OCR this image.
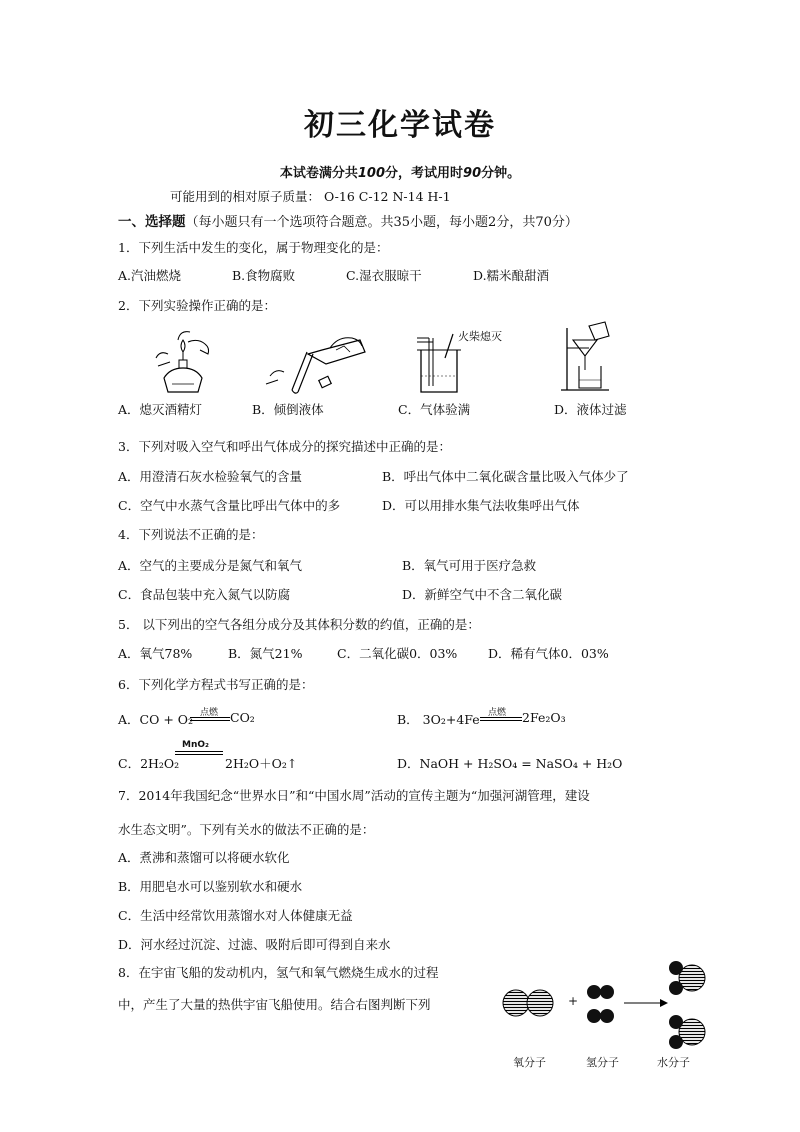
初三化学试卷
本试卷满分共100分，考试用时90分钟。
可能用到的相对原子质量： O-16 C-12 N-14 H-1
一、选择题（每小题只有一个选项符合题意。共35小题，每小题2分，共70分）
1．下列生活中发生的变化，属于物理变化的是：
A.汽油燃烧	B.食物腐败	C.湿衣服晾干	D.糯米酿甜酒
2．下列实验操作正确的是：
火柴熄灭
A．熄灭酒精灯	B．倾倒液体	C．气体验满	D．液体过滤
3．下列对吸入空气和呼出气体成分的探究描述中正确的是：
A．用澄清石灰水检验氧气的含量	B．呼出气体中二氧化碳含量比吸入气体少了
C．空气中水蒸气含量比呼出气体中的多	D．可以用排水集气法收集呼出气体
4．下列说法不正确的是：
A．空气的主要成分是氮气和氧气	B．氧气可用于医疗急救
C．食品包装中充入氮气以防腐	D．新鲜空气中不含二氧化碳
5． 以下列出的空气各组分成分及其体积分数的约值，正确的是：
A．氧气78%	B．氮气21%	C．二氧化碳0．03% D．稀有气体0．03%
6．下列化学方程式书写正确的是：
A．CO + O₂ 点燃 CO₂	B． 3O₂+4Fe 点燃 2Fe₂O₃
C．2H₂O₂
MnO₂
2H₂O＋O₂↑	D．NaOH + H₂SO₄ = NaSO₄ + H₂O
7．2014年我国纪念“世界水日”和“中国水周”活动的宣传主题为“加强河湖管理，建设
水生态文明”。下列有关水的做法不正确的是：
A．煮沸和蒸馏可以将硬水软化
B．用肥皂水可以鉴别软水和硬水
C．生活中经常饮用蒸馏水对人体健康无益
D．河水经过沉淀、过滤、吸附后即可得到自来水
8．在宇宙飞船的发动机内，氢气和氧气燃烧生成水的过程
中，产生了大量的热供宇宙飞船使用。结合右图判断下列	+
氧分子	氢分子	水分子
